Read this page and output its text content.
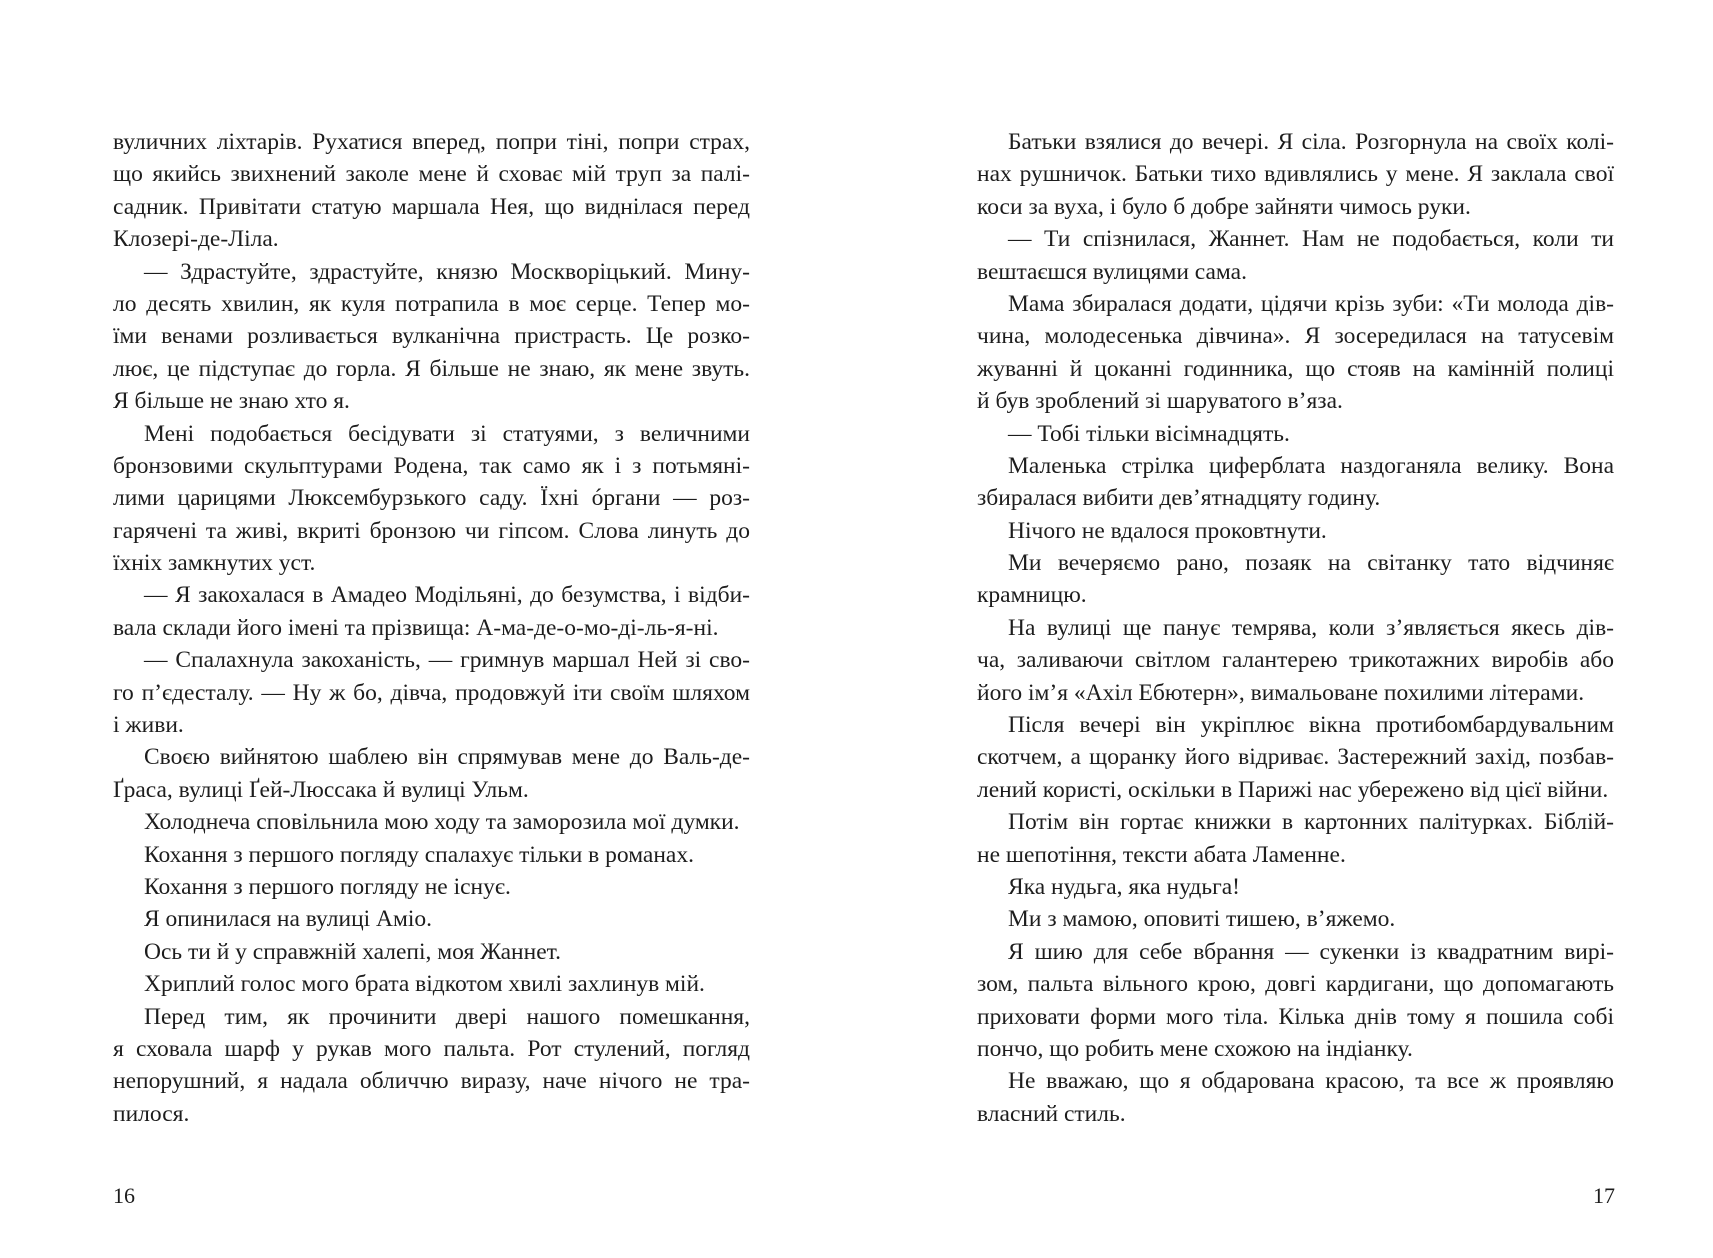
вуличних ліхтарів. Рухатися вперед, попри тіні, попри страх,
що якийсь звихнений заколе мене й сховає мій труп за палі-
садник. Привітати статую маршала Нея, що виднілася перед
Клозері-де-Ліла.
— Здрастуйте, здрастуйте, князю Москворіцький. Мину-
ло десять хвилин, як куля потрапила в моє серце. Тепер мо-
їми венами розливається вулканічна пристрасть. Це розко-
лює, це підступає до горла. Я більше не знаю, як мене звуть.
Я більше не знаю хто я.
Мені подобається бесідувати зі статуями, з величними
бронзовими скульптурами Родена, так само як і з потьмяні-
лими царицями Люксембурзького саду. Їхні óргани — роз-
гарячені та живі, вкриті бронзою чи гіпсом. Слова линуть до
їхніх замкнутих уст.
— Я закохалася в Амадео Модільяні, до безумства, і відби-
вала склади його імені та прізвища: А-ма-де-о-мо-ді-ль-я-ні.
— Спалахнула закоханість, — гримнув маршал Ней зі сво-
го п’єдесталу. — Ну ж бо, дівча, продовжуй іти своїм шляхом
і живи.
Своєю вийнятою шаблею він спрямував мене до Валь-де-
Ґраса, вулиці Ґей-Люссака й вулиці Ульм.
Холоднеча сповільнила мою ходу та заморозила мої думки.
Кохання з першого погляду спалахує тільки в романах.
Кохання з першого погляду не існує.
Я опинилася на вулиці Аміо.
Ось ти й у справжній халепі, моя Жаннет.
Хриплий голос мого брата відкотом хвилі захлинув мій.
Перед тим, як прочинити двері нашого помешкання,
я сховала шарф у рукав мого пальта. Рот стулений, погляд
непорушний, я надала обличчю виразу, наче нічого не тра-
пилося.
16
Батьки взялися до вечері. Я сіла. Розгорнула на своїх колі-
нах рушничок. Батьки тихо вдивлялись у мене. Я заклала свої
коси за вуха, і було б добре зайняти чимось руки.
— Ти спізнилася, Жаннет. Нам не подобається, коли ти
вештаєшся вулицями сама.
Мама збиралася додати, цідячи крізь зуби: «Ти молода дів-
чина, молодесенька дівчина». Я зосередилася на татусевім
жуванні й цоканні годинника, що стояв на камінній полиці
й був зроблений зі шаруватого в’яза.
— Тобі тільки вісімнадцять.
Маленька стрілка циферблата наздоганяла велику. Вона
збиралася вибити дев’ятнадцяту годину.
Нічого не вдалося проковтнути.
Ми вечеряємо рано, позаяк на світанку тато відчиняє
крамницю.
На вулиці ще панує темрява, коли з’являється якесь дів-
ча, заливаючи світлом галантерею трикотажних виробів або
його ім’я «Ахіл Ебютерн», вимальоване похилими літерами.
Після вечері він укріплює вікна протибомбардувальним
скотчем, а щоранку його відриває. Застережний захід, позбав-
лений користі, оскільки в Парижі нас убережено від цієї війни.
Потім він гортає книжки в картонних палітурках. Біблій-
не шепотіння, тексти абата Ламенне.
Яка нудьга, яка нудьга!
Ми з мамою, оповиті тишею, в’яжемо.
Я шию для себе вбрання — сукенки із квадратним вирі-
зом, пальта вільного крою, довгі кардигани, що допомагають
приховати форми мого тіла. Кілька днів тому я пошила собі
пончо, що робить мене схожою на індіанку.
Не вважаю, що я обдарована красою, та все ж проявляю
власний стиль.
17
